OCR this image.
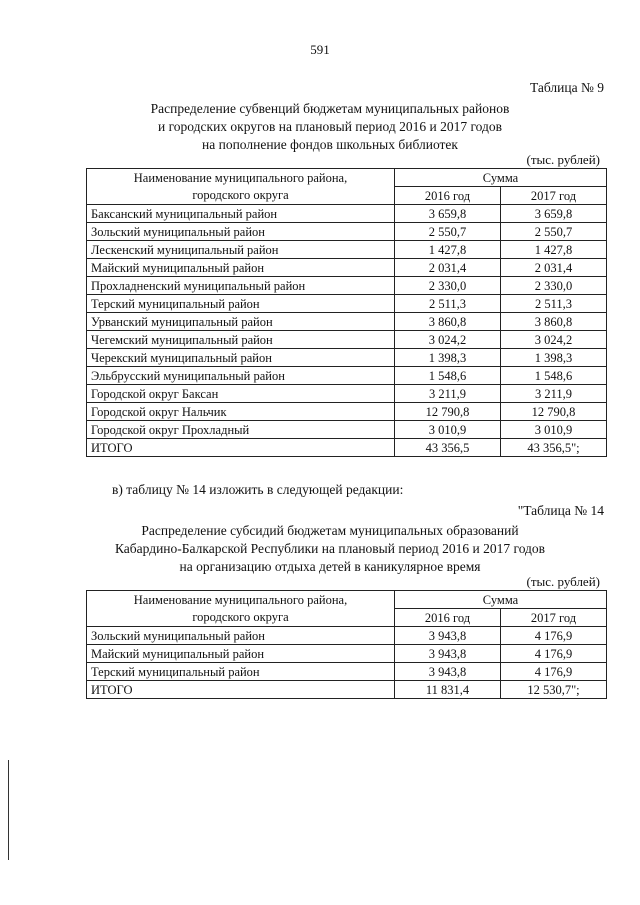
591
Таблица № 9
Распределение субвенций бюджетам муниципальных районов
и городских округов на плановый период 2016 и 2017 годов
на пополнение фондов школьных библиотек
(тыс. рублей)
Наименование муниципального района,
городского округа	Сумма	
	2016 год	2017 год
Баксанский муниципальный район	3 659,8	3 659,8
Зольский муниципальный район	2 550,7	2 550,7
Лескенский муниципальный район	1 427,8	1 427,8
Майский муниципальный район	2 031,4	2 031,4
Прохладненский муниципальный район	2 330,0	2 330,0
Терский муниципальный район	2 511,3	2 511,3
Урванский муниципальный район	3 860,8	3 860,8
Чегемский муниципальный район	3 024,2	3 024,2
Черекский муниципальный район	1 398,3	1 398,3
Эльбрусский муниципальный район	1 548,6	1 548,6
Городской округ Баксан	3 211,9	3 211,9
Городской округ Нальчик	12 790,8	12 790,8
Городской округ Прохладный	3 010,9	3 010,9
ИТОГО	43 356,5	43 356,5";
в) таблицу № 14 изложить в следующей редакции:
"Таблица № 14
Распределение субсидий бюджетам муниципальных образований
Кабардино-Балкарской Республики на плановый период 2016 и 2017 годов
на организацию отдыха детей в каникулярное время
(тыс. рублей)
Наименование муниципального района,
городского округа	Сумма	
	2016 год	2017 год
Зольский муниципальный район	3 943,8	4 176,9
Майский муниципальный район	3 943,8	4 176,9
Терский муниципальный район	3 943,8	4 176,9
ИТОГО	11 831,4	12 530,7";
